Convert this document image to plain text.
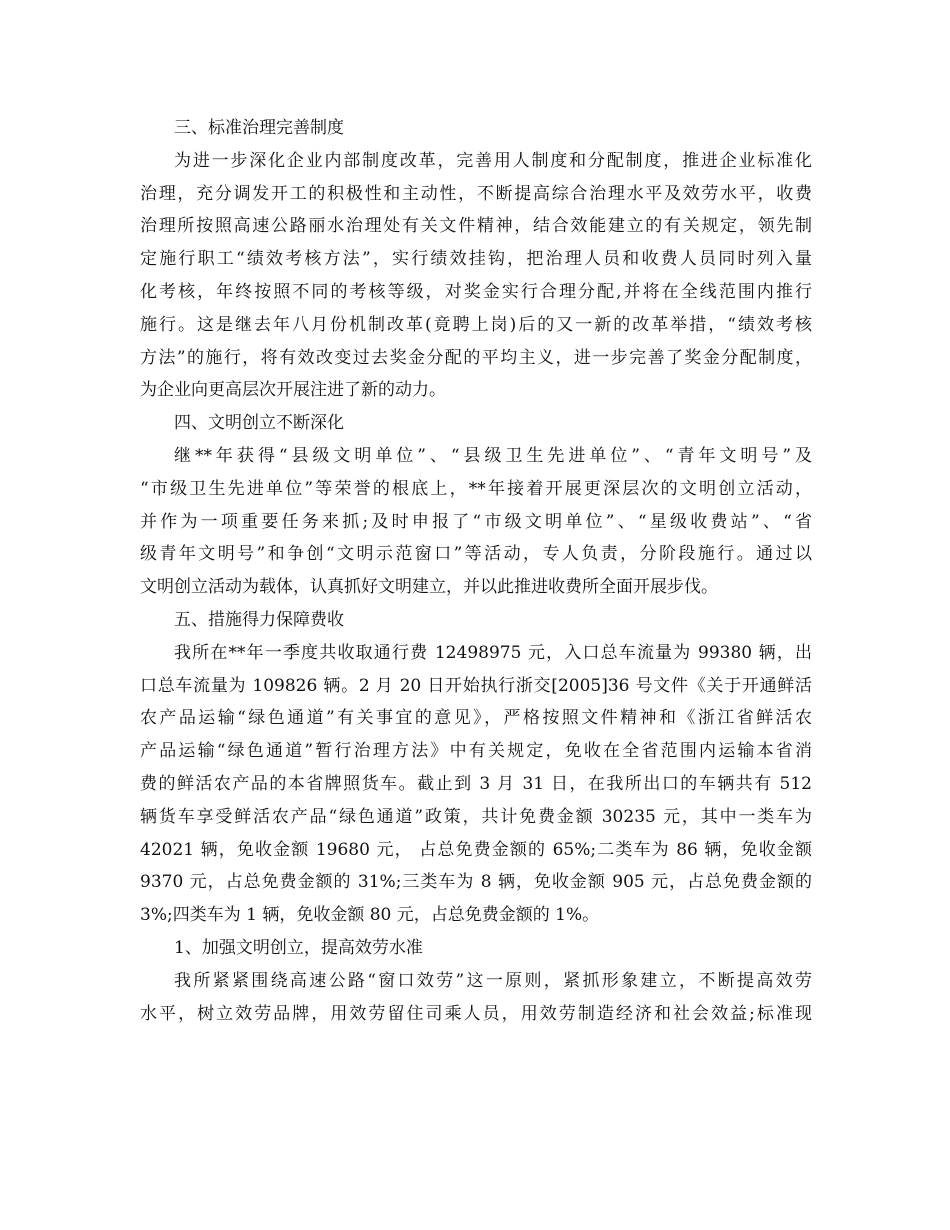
三、标准治理完善制度
为进一步深化企业内部制度改革，完善用人制度和分配制度，推进企业标准化
治理，充分调发开工的积极性和主动性，不断提高综合治理水平及效劳水平，收费
治理所按照高速公路丽水治理处有关文件精神，结合效能建立的有关规定，领先制
定施行职工“绩效考核方法”，实行绩效挂钩，把治理人员和收费人员同时列入量
化考核，年终按照不同的考核等级，对奖金实行合理分配,并将在全线范围内推行
施行。这是继去年八月份机制改革(竟聘上岗)后的又一新的改革举措，“绩效考核
方法”的施行，将有效改变过去奖金分配的平均主义，进一步完善了奖金分配制度，
为企业向更高层次开展注进了新的动力。
四、文明创立不断深化
继**年获得“县级文明单位”、“县级卫生先进单位”、“青年文明号”及
“市级卫生先进单位”等荣誉的根底上，**年接着开展更深层次的文明创立活动，
并作为一项重要任务来抓;及时申报了“市级文明单位”、“星级收费站”、“省
级青年文明号”和争创“文明示范窗口”等活动，专人负责，分阶段施行。通过以
文明创立活动为载体，认真抓好文明建立，并以此推进收费所全面开展步伐。
五、措施得力保障费收
我所在**年一季度共收取通行费 12498975 元，入口总车流量为 99380 辆，出
口总车流量为 109826 辆。2 月 20 日开始执行浙交[2005]36 号文件《关于开通鲜活
农产品运输“绿色通道”有关事宜的意见》，严格按照文件精神和《浙江省鲜活农
产品运输“绿色通道”暂行治理方法》中有关规定，免收在全省范围内运输本省消
费的鲜活农产品的本省牌照货车。截止到 3 月 31 日，在我所出口的车辆共有 512
辆货车享受鲜活农产品“绿色通道”政策，共计免费金额 30235 元，其中一类车为
42021 辆，免收金额 19680 元， 占总免费金额的 65%;二类车为 86 辆，免收金额
9370 元，占总免费金额的 31%;三类车为 8 辆，免收金额 905 元，占总免费金额的
3%;四类车为 1 辆，免收金额 80 元，占总免费金额的 1%。
1、加强文明创立，提高效劳水准
我所紧紧围绕高速公路“窗口效劳”这一原则，紧抓形象建立，不断提高效劳
水平，树立效劳品牌，用效劳留住司乘人员，用效劳制造经济和社会效益;标准现
